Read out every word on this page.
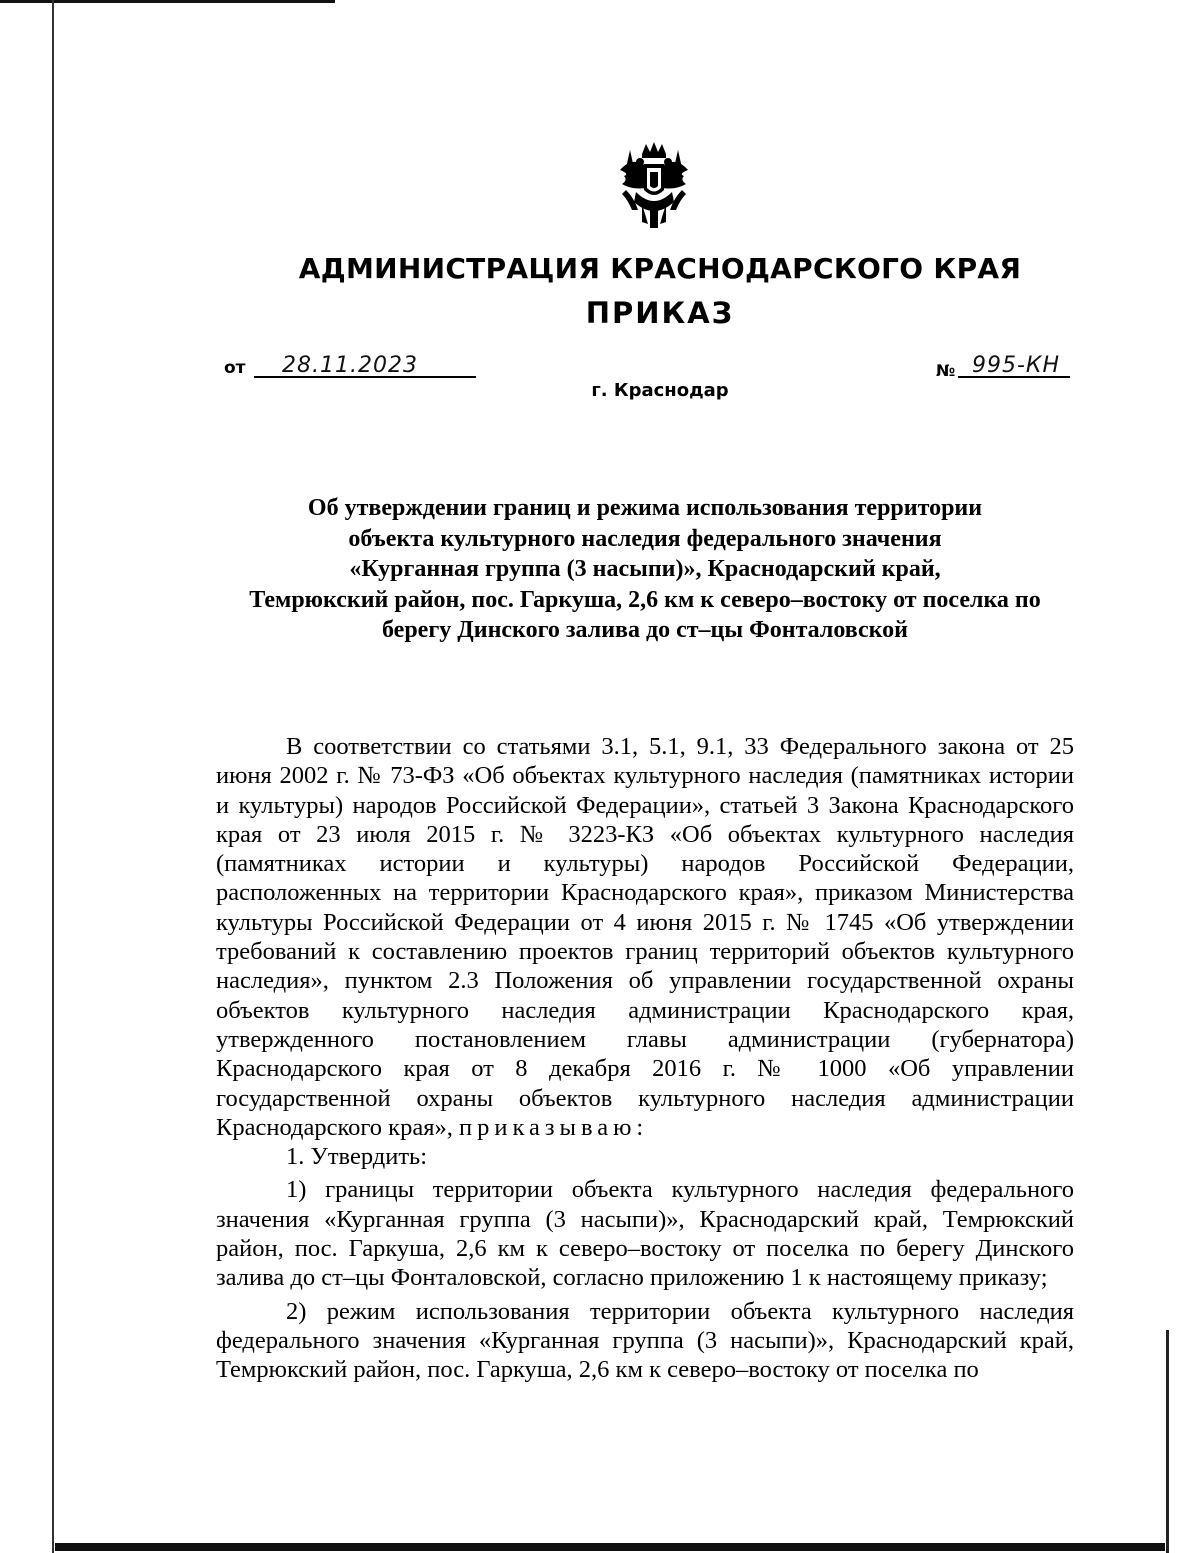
АДМИНИСТРАЦИЯ КРАСНОДАРСКОГО КРАЯ
ПРИКАЗ
от 28.11.2023	№ 995-КН
г. Краснодар
Об утверждении границ и режима использования территории
объекта культурного наследия федерального значения
«Курганная группа (3 насыпи)», Краснодарский край,
Темрюкский район, пос. Гаркуша, 2,6 км к северо–востоку от поселка по
берегу Динского залива до ст–цы Фонталовской

В соответствии со статьями 3.1, 5.1, 9.1, 33 Федерального закона от 25 июня 2002 г. № 73-ФЗ «Об объектах культурного наследия (памятниках истории и культуры) народов Российской Федерации», статьей 3 Закона Краснодарского края от 23 июля 2015 г. № 3223-КЗ «Об объектах культурного наследия (памятниках истории и культуры) народов Российской Федерации, расположенных на территории Краснодарского края», приказом Министерства культуры Российской Федерации от 4 июня 2015 г. № 1745 «Об утверждении требований к составлению проектов границ территорий объектов культурного наследия», пунктом 2.3 Положения об управлении государственной охраны объектов культурного наследия администрации Краснодарского края, утвержденного постановлением главы администрации (губернатора) Краснодарского края от 8 декабря 2016 г. № 1000 «Об управлении государственной охраны объектов культурного наследия администрации Краснодарского края», приказываю:

1. Утвердить:

1) границы территории объекта культурного наследия федерального значения «Курганная группа (3 насыпи)», Краснодарский край, Темрюкский район, пос. Гаркуша, 2,6 км к северо–востоку от поселка по берегу Динского залива до ст–цы Фонталовской, согласно приложению 1 к настоящему приказу;

2) режим использования территории объекта культурного наследия федерального значения «Курганная группа (3 насыпи)», Краснодарский край, Темрюкский район, пос. Гаркуша, 2,6 км к северо–востоку от поселка по
